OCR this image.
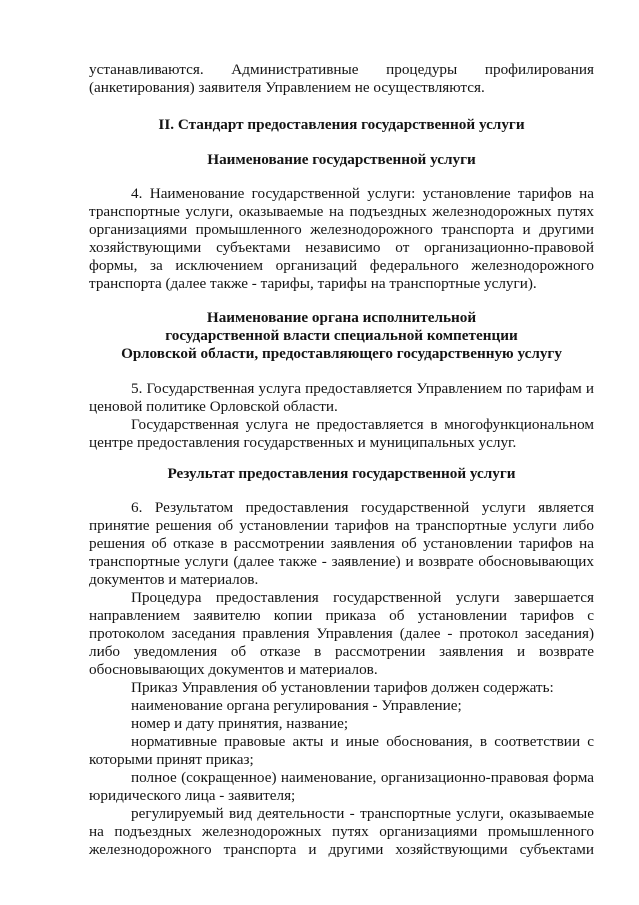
устанавливаются. Административные процедуры профилирования

(анкетирования) заявителя Управлением не осуществляются.

II. Стандарт предоставления государственной услуги

Наименование государственной услуги

4. Наименование государственной услуги: установление тарифов на

транспортные услуги, оказываемые на подъездных железнодорожных путях

организациями промышленного железнодорожного транспорта и другими

хозяйствующими субъектами независимо от организационно-правовой

формы, за исключением организаций федерального железнодорожного

транспорта (далее также - тарифы, тарифы на транспортные услуги).

Наименование органа исполнительной

государственной власти специальной компетенции

Орловской области, предоставляющего государственную услугу

5. Государственная услуга предоставляется Управлением по тарифам и

ценовой политике Орловской области.

Государственная услуга не предоставляется в многофункциональном

центре предоставления государственных и муниципальных услуг.

Результат предоставления государственной услуги

6. Результатом предоставления государственной услуги является

принятие решения об установлении тарифов на транспортные услуги либо

решения об отказе в рассмотрении заявления об установлении тарифов на

транспортные услуги (далее также - заявление) и возврате обосновывающих

документов и материалов.

Процедура предоставления государственной услуги завершается

направлением заявителю копии приказа об установлении тарифов с

протоколом заседания правления Управления (далее - протокол заседания)

либо уведомления об отказе в рассмотрении заявления и возврате

обосновывающих документов и материалов.

Приказ Управления об установлении тарифов должен содержать:

наименование органа регулирования - Управление;

номер и дату принятия, название;

нормативные правовые акты и иные обоснования, в соответствии с

которыми принят приказ;

полное (сокращенное) наименование, организационно-правовая форма

юридического лица - заявителя;

регулируемый вид деятельности - транспортные услуги, оказываемые

на подъездных железнодорожных путях организациями промышленного

железнодорожного транспорта и другими хозяйствующими субъектами
